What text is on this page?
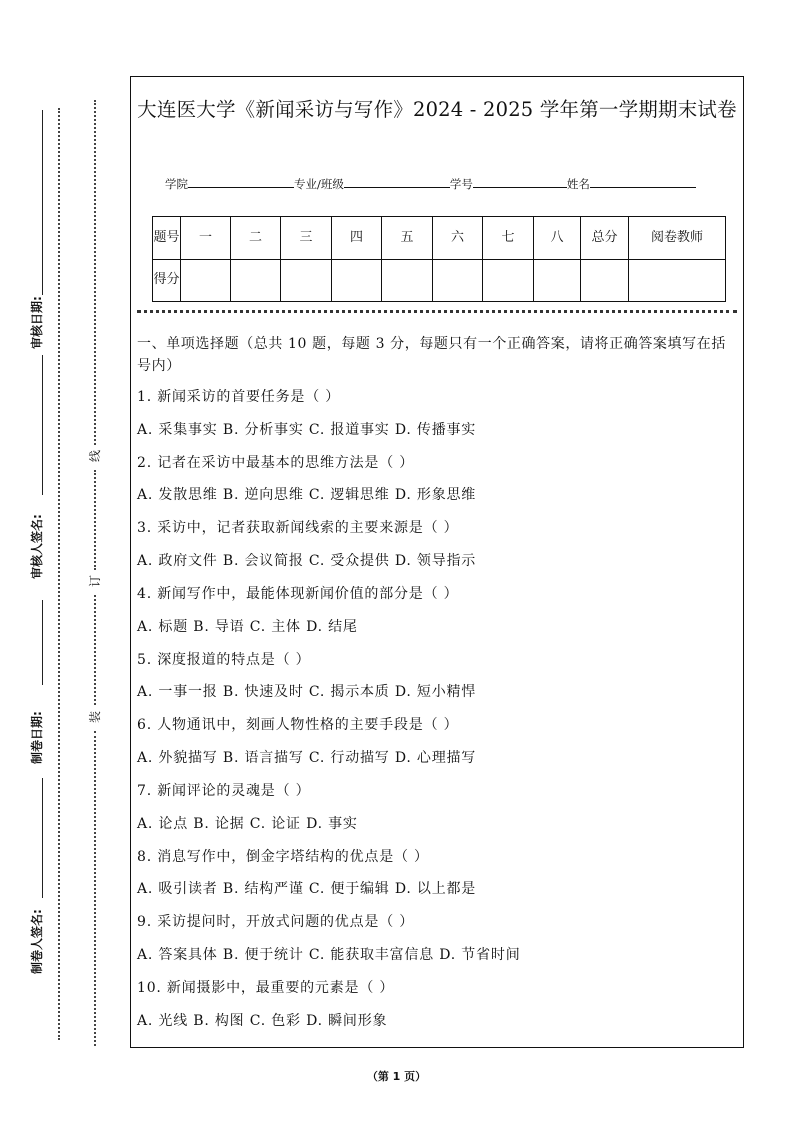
审核日期:
审核人签名:
制卷日期:
制卷人签名:
线
订
装
大连医大学《新闻采访与写作》2024 - 2025 学年第一学期期末试卷
学院	专业/班级	学号	姓名
题号	一	二	三	四	五	六	七	八	总分	阅卷教师
得分										
一、单项选择题（总共 10 题，每题 3 分，每题只有一个正确答案，请将正确答案填写在括号内）
1. 新闻采访的首要任务是（ ）
A. 采集事实 B. 分析事实 C. 报道事实 D. 传播事实
2. 记者在采访中最基本的思维方法是（ ）
A. 发散思维 B. 逆向思维 C. 逻辑思维 D. 形象思维
3. 采访中，记者获取新闻线索的主要来源是（ ）
A. 政府文件 B. 会议简报 C. 受众提供 D. 领导指示
4. 新闻写作中，最能体现新闻价值的部分是（ ）
A. 标题 B. 导语 C. 主体 D. 结尾
5. 深度报道的特点是（ ）
A. 一事一报 B. 快速及时 C. 揭示本质 D. 短小精悍
6. 人物通讯中，刻画人物性格的主要手段是（ ）
A. 外貌描写 B. 语言描写 C. 行动描写 D. 心理描写
7. 新闻评论的灵魂是（ ）
A. 论点 B. 论据 C. 论证 D. 事实
8. 消息写作中，倒金字塔结构的优点是（ ）
A. 吸引读者 B. 结构严谨 C. 便于编辑 D. 以上都是
9. 采访提问时，开放式问题的优点是（ ）
A. 答案具体 B. 便于统计 C. 能获取丰富信息 D. 节省时间
10. 新闻摄影中，最重要的元素是（ ）
A. 光线 B. 构图 C. 色彩 D. 瞬间形象
（第 1 页）
